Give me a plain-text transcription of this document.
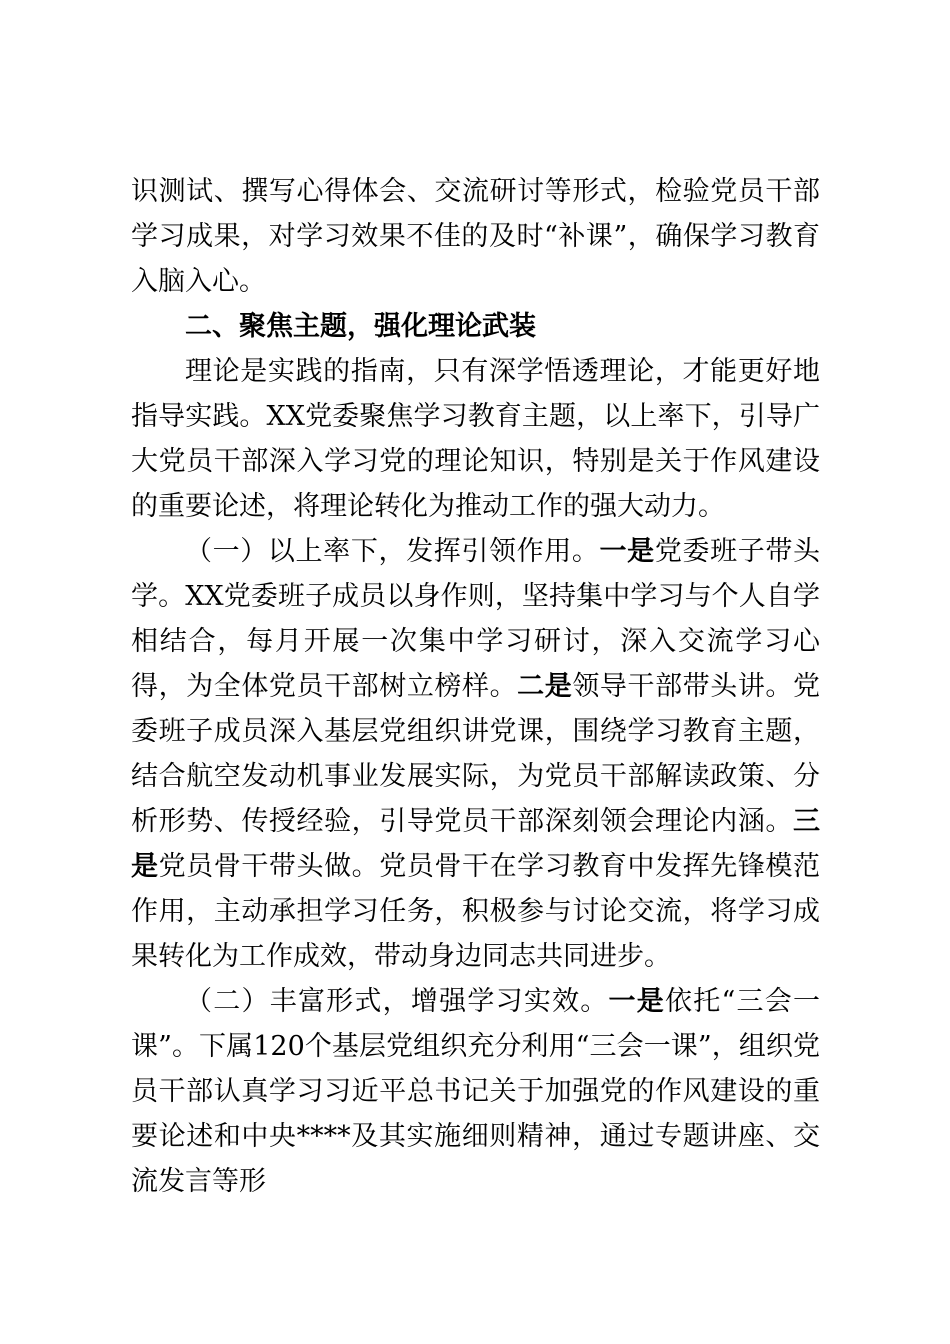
识测试、撰写心得体会、交流研讨等形式，检验党员干部学习成果，对学习效果不佳的及时“补课”，确保学习教育入脑入心。

二、聚焦主题，强化理论武装

理论是实践的指南，只有深学悟透理论，才能更好地指导实践。XX党委聚焦学习教育主题，以上率下，引导广大党员干部深入学习党的理论知识，特别是关于作风建设的重要论述，将理论转化为推动工作的强大动力。

（一）以上率下，发挥引领作用。一是党委班子带头学。XX党委班子成员以身作则，坚持集中学习与个人自学相结合，每月开展一次集中学习研讨，深入交流学习心得，为全体党员干部树立榜样。二是领导干部带头讲。党委班子成员深入基层党组织讲党课，围绕学习教育主题，结合航空发动机事业发展实际，为党员干部解读政策、分析形势、传授经验，引导党员干部深刻领会理论内涵。三是党员骨干带头做。党员骨干在学习教育中发挥先锋模范作用，主动承担学习任务，积极参与讨论交流，将学习成果转化为工作成效，带动身边同志共同进步。

（二）丰富形式，增强学习实效。一是依托“三会一课”。下属120个基层党组织充分利用“三会一课”，组织党员干部认真学习习近平总书记关于加强党的作风建设的重要论述和中央****及其实施细则精神，通过专题讲座、交流发言等形
